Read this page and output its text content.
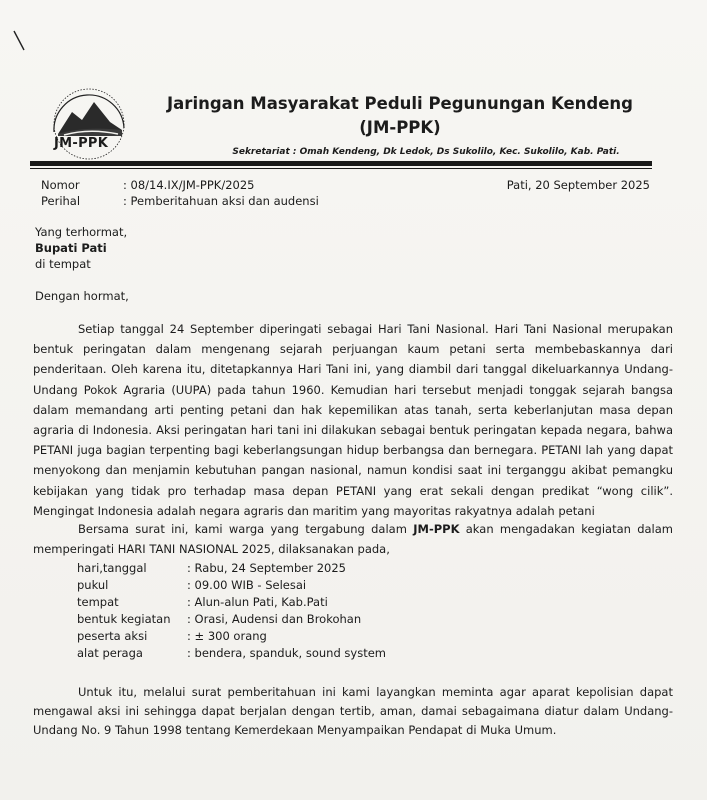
JM-PPK
Jaringan Masyarakat Peduli Pegunungan Kendeng
(JM-PPK)
Sekretariat : Omah Kendeng, Dk Ledok, Ds Sukolilo, Kec. Sukolilo, Kab. Pati.
Nomor	: 08/14.IX/JM-PPK/2025
Perihal	: Pemberitahuan aksi dan audensi
Pati, 20 September 2025
Yang terhormat,
Bupati Pati
di tempat
Dengan hormat,
Setiap tanggal 24 September diperingati sebagai Hari Tani Nasional. Hari Tani Nasional merupakan bentuk peringatan dalam mengenang sejarah perjuangan kaum petani serta membebaskannya dari penderitaan. Oleh karena itu, ditetapkannya Hari Tani ini, yang diambil dari tanggal dikeluarkannya Undang-Undang Pokok Agraria (UUPA) pada tahun 1960. Kemudian hari tersebut menjadi tonggak sejarah bangsa dalam memandang arti penting petani dan hak kepemilikan atas tanah, serta keberlanjutan masa depan agraria di Indonesia. Aksi peringatan hari tani ini dilakukan sebagai bentuk peringatan kepada negara, bahwa PETANI juga bagian terpenting bagi keberlangsungan hidup berbangsa dan bernegara. PETANI lah yang dapat menyokong dan menjamin kebutuhan pangan nasional, namun kondisi saat ini terganggu akibat pemangku kebijakan yang tidak pro terhadap masa depan PETANI yang erat sekali dengan predikat “wong cilik”. Mengingat Indonesia adalah negara agraris dan maritim yang mayoritas rakyatnya adalah petani
Bersama surat ini, kami warga yang tergabung dalam JM-PPK akan mengadakan kegiatan dalam memperingati HARI TANI NASIONAL 2025, dilaksanakan pada,
hari,tanggal	: Rabu, 24 September 2025
pukul	: 09.00 WIB - Selesai
tempat	: Alun-alun Pati, Kab.Pati
bentuk kegiatan : Orasi, Audensi dan Brokohan
peserta aksi	: ± 300 orang
alat peraga	: bendera, spanduk, sound system
Untuk itu, melalui surat pemberitahuan ini kami layangkan meminta agar aparat kepolisian dapat mengawal aksi ini sehingga dapat berjalan dengan tertib, aman, damai sebagaimana diatur dalam Undang-Undang No. 9 Tahun 1998 tentang Kemerdekaan Menyampaikan Pendapat di Muka Umum.
